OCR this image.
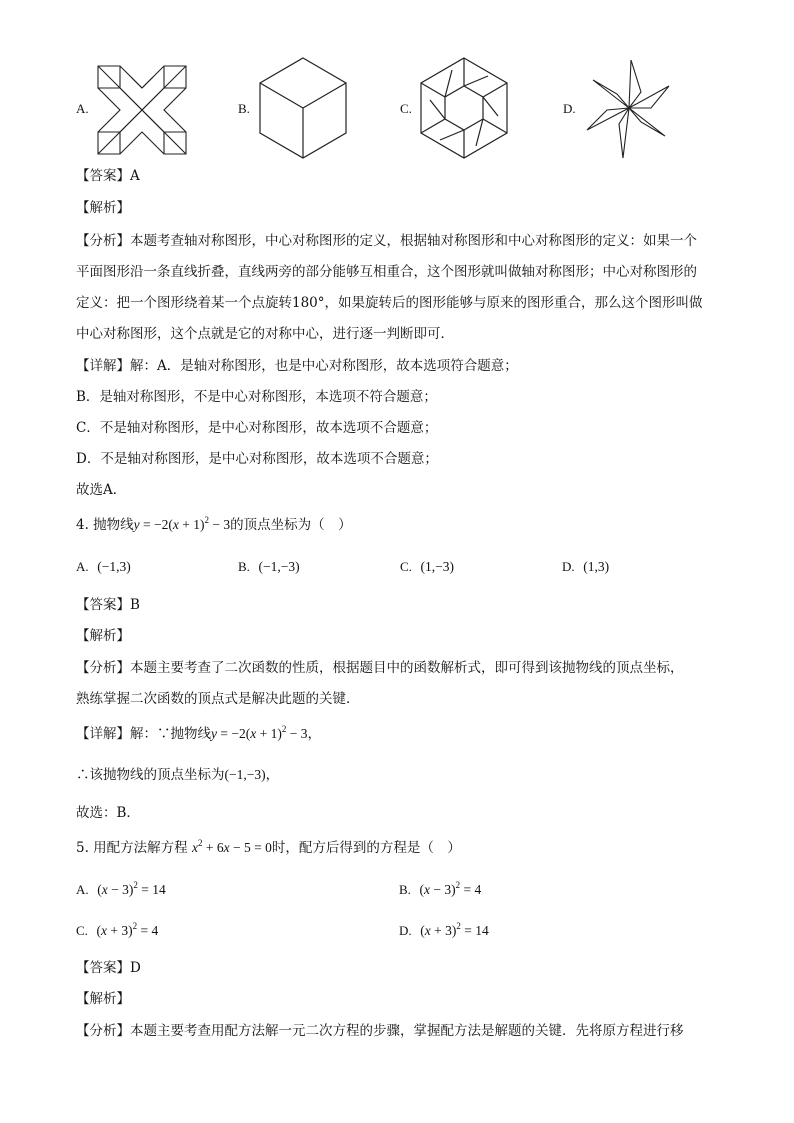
A.	B.	C.	D.
【答案】A
【解析】
【分析】本题考查轴对称图形，中心对称图形的定义，根据轴对称图形和中心对称图形的定义：如果一个
平面图形沿一条直线折叠，直线两旁的部分能够互相重合，这个图形就叫做轴对称图形；中心对称图形的
定义：把一个图形绕着某一个点旋转180°，如果旋转后的图形能够与原来的图形重合，那么这个图形叫做
中心对称图形，这个点就是它的对称中心，进行逐一判断即可．
【详解】解：A．是轴对称图形，也是中心对称图形，故本选项符合题意；
B．是轴对称图形，不是中心对称图形，本选项不符合题意；
C．不是轴对称图形，是中心对称图形，故本选项不合题意；
D．不是轴对称图形，是中心对称图形，故本选项不合题意；
故选A．
4. 抛物线$y = -2(x + 1)^2 - 3$的顶点坐标为（　）
A. (−1,3)	B. (−1,−3)	C. (1,−3)	D. (1,3)
【答案】B
【解析】
【分析】本题主要考查了二次函数的性质，根据题目中的函数解析式，即可得到该抛物线的顶点坐标，
熟练掌握二次函数的顶点式是解决此题的关键．
【详解】解：∵抛物线$y = -2(x + 1)^2 - 3$，
∴该抛物线的顶点坐标为(−1,−3)，
故选：B．
5. 用配方法解方程 $x^2 + 6x - 5 = 0$时，配方后得到的方程是（　）
A. $(x - 3)^2 = 14$	B. $(x - 3)^2 = 4$
C. $(x + 3)^2 = 4$	D. $(x + 3)^2 = 14$
【答案】D
【解析】
【分析】本题主要考查用配方法解一元二次方程的步骤，掌握配方法是解题的关键．先将原方程进行移
